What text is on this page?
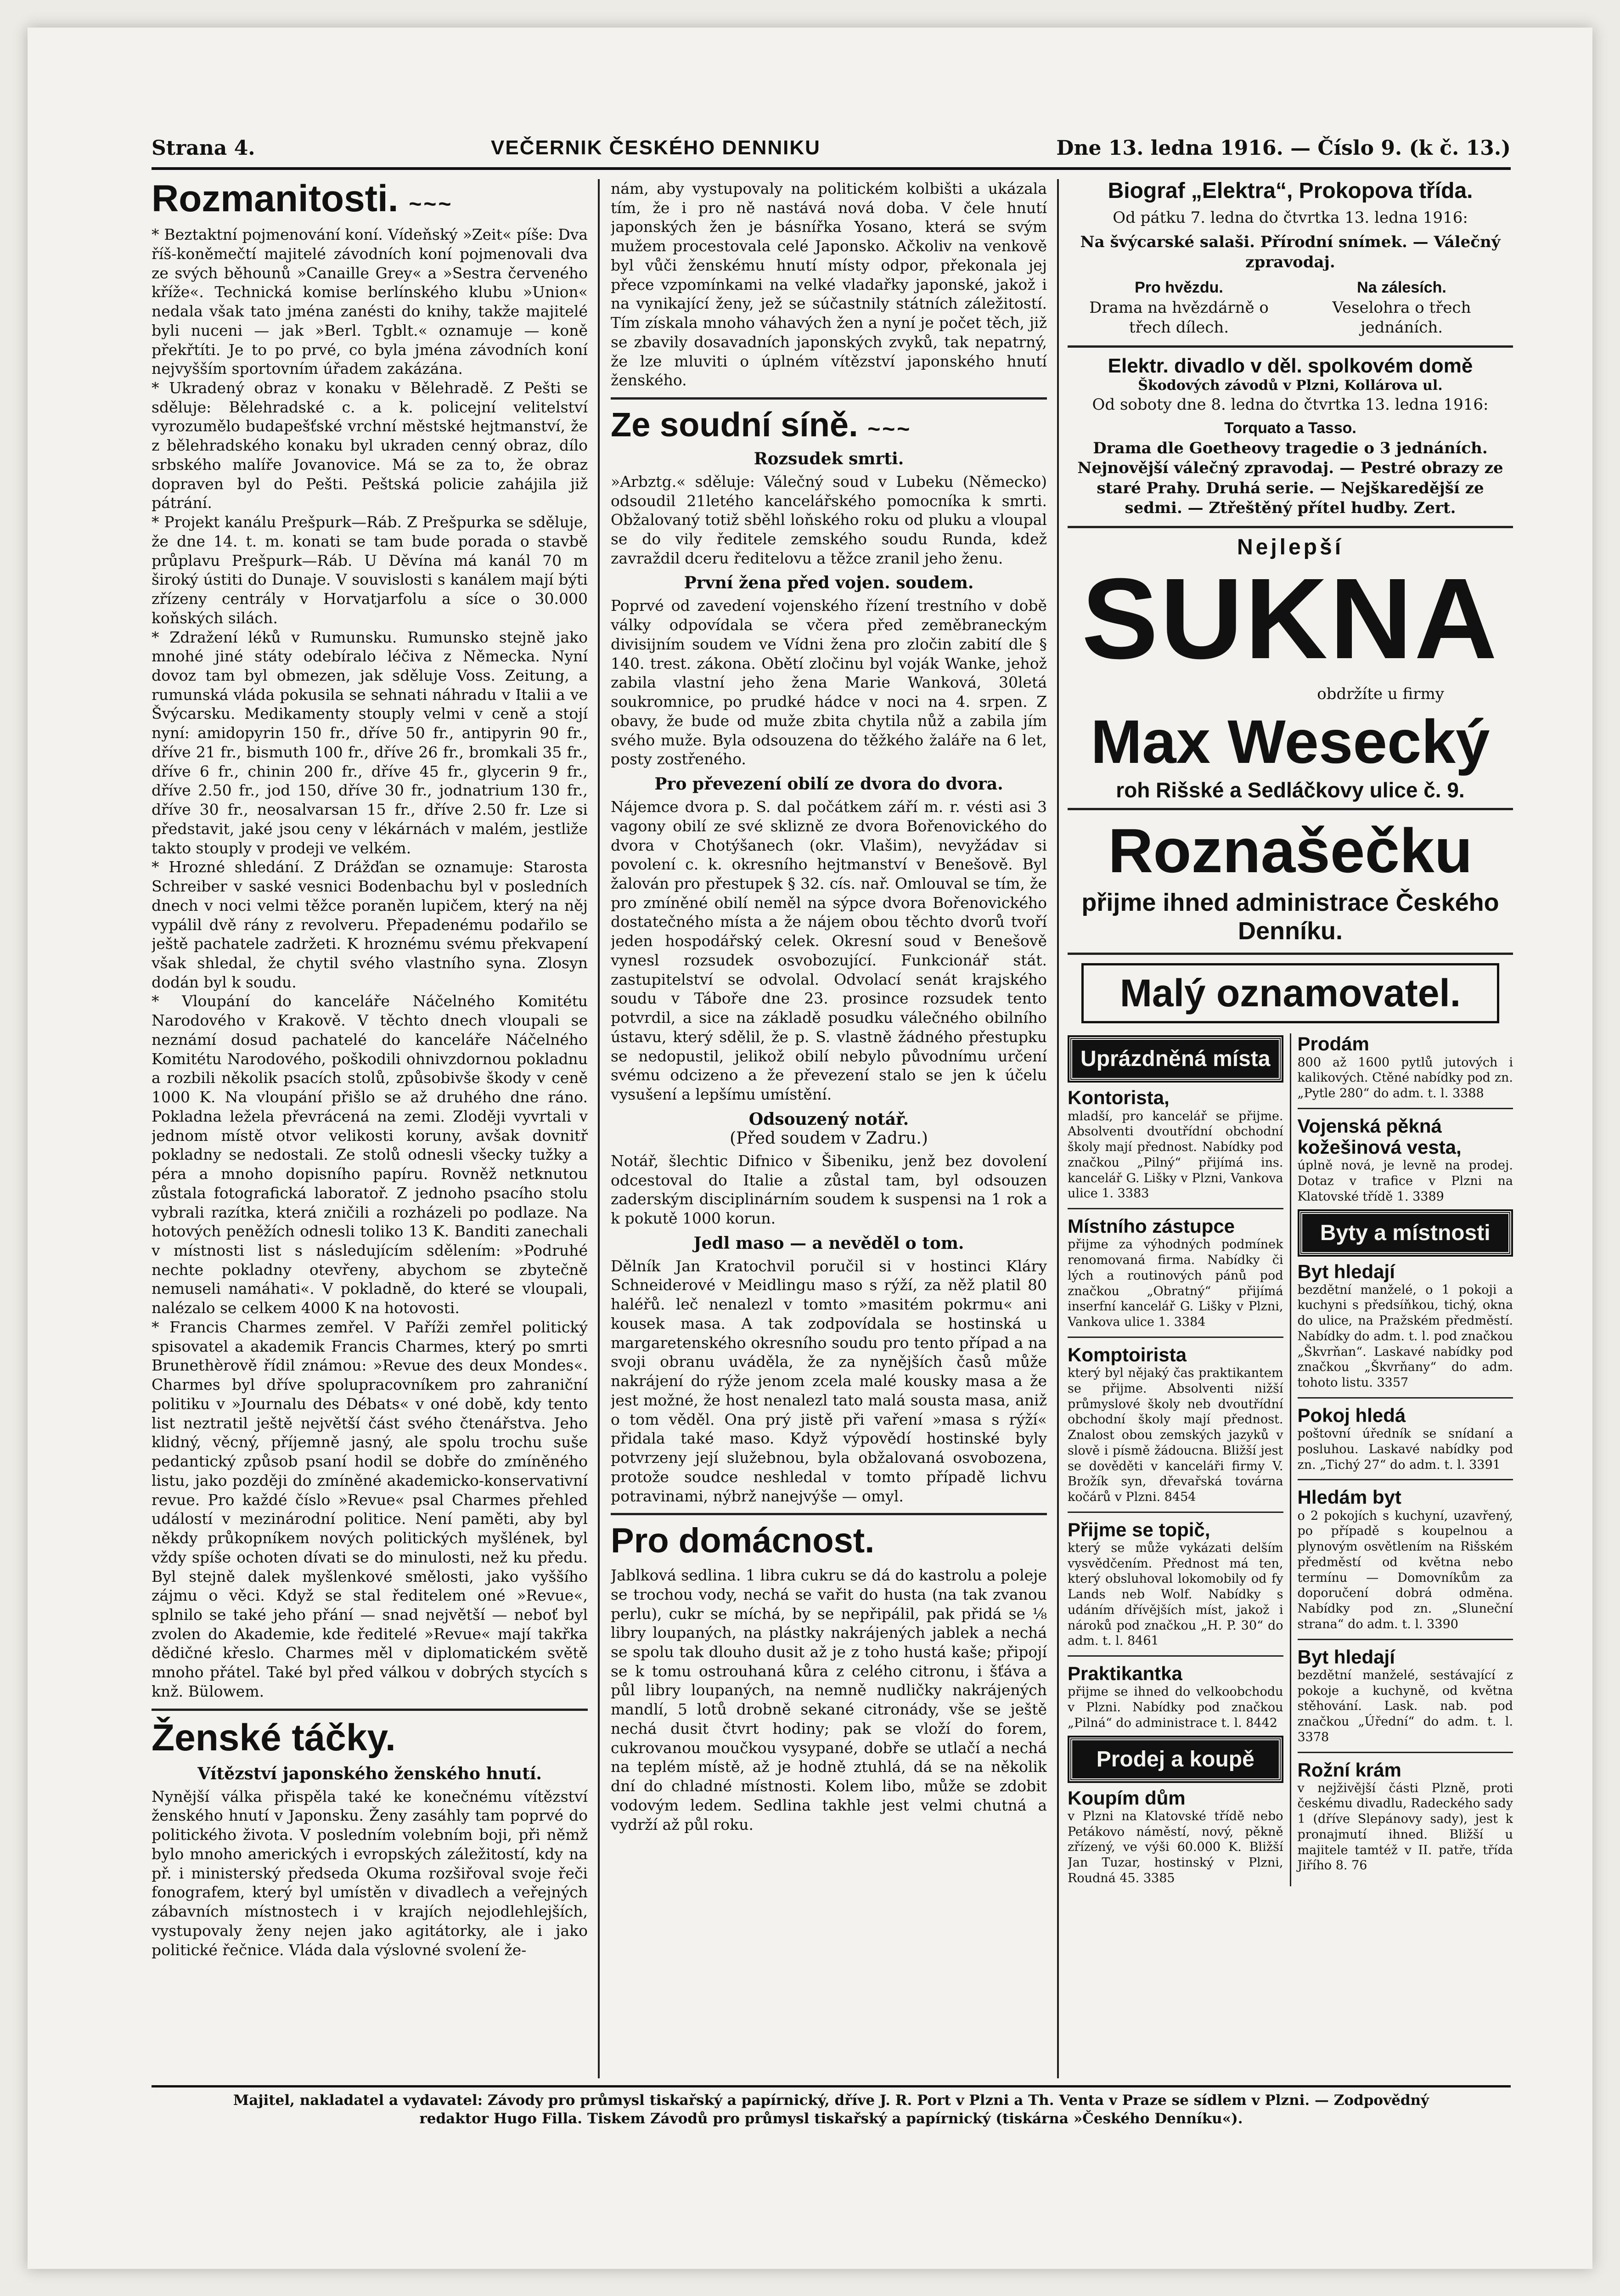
Strana 4.	VEČERNIK ČESKÉHO DENNIKU	Dne 13. ledna 1916. — Číslo 9. (k č. 13.)
Rozmanitosti. ~~~

* Beztaktní pojmenování koní. Vídeňský »Zeit« píše: Dva říš-koněmečtí majitelé závodních koní pojmenovali dva ze svých běhounů »Canaille Grey« a »Sestra červeného kříže«. Technická komise berlínského klubu »Union« nedala však tato jména zanésti do knihy, takže majitelé byli nuceni — jak »Berl. Tgblt.« oznamuje — koně překřtíti. Je to po prvé, co byla jména závodních koní nejvyšším sportovním úřadem zakázána.

* Ukradený obraz v konaku v Bělehradě. Z Pešti se sděluje: Bělehradské c. a k. policejní velitelství vyrozumělo budapešťské vrchní městské hejtmanství, že z bělehradského konaku byl ukraden cenný obraz, dílo srbského malíře Jovanovice. Má se za to, že obraz dopraven byl do Pešti. Peštská policie zahájila již pátrání.

* Projekt kanálu Prešpurk—Ráb. Z Prešpurka se sděluje, že dne 14. t. m. konati se tam bude porada o stavbě průplavu Prešpurk—Ráb. U Děvína má kanál 70 m široký ústiti do Dunaje. V souvislosti s kanálem mají býti zřízeny centrály v Horvatjarfolu a síce o 30.000 koňských silách.

* Zdražení léků v Rumunsku. Rumunsko stejně jako mnohé jiné státy odebíralo léčiva z Německa. Nyní dovoz tam byl obmezen, jak sděluje Voss. Zeitung, a rumunská vláda pokusila se sehnati náhradu v Italii a ve Švýcarsku. Medikamenty stouply velmi v ceně a stojí nyní: amidopyrin 150 fr., dříve 50 fr., antipyrin 90 fr., dříve 21 fr., bismuth 100 fr., dříve 26 fr., bromkali 35 fr., dříve 6 fr., chinin 200 fr., dříve 45 fr., glycerin 9 fr., dříve 2.50 fr., jod 150, dříve 30 fr., jodnatrium 130 fr., dříve 30 fr., neosalvarsan 15 fr., dříve 2.50 fr. Lze si představit, jaké jsou ceny v lékárnách v malém, jestliže takto stouply v prodeji ve velkém.

* Hrozné shledání. Z Drážďan se oznamuje: Starosta Schreiber v saské vesnici Bodenbachu byl v posledních dnech v noci velmi těžce poraněn lupičem, který na něj vypálil dvě rány z revolveru. Přepadenému podařilo se ještě pachatele zadržeti. K hroznému svému překvapení však shledal, že chytil svého vlastního syna. Zlosyn dodán byl k soudu.

* Vloupání do kanceláře Náčelného Komitétu Narodového v Krakově. V těchto dnech vloupali se neznámí dosud pachatelé do kanceláře Náčelného Komitétu Narodového, poškodili ohnivzdornou pokladnu a rozbili několik psacích stolů, způsobivše škody v ceně 1000 K. Na vloupání přišlo se až druhého dne ráno. Pokladna ležela převrácená na zemi. Zloději vyvrtali v jednom místě otvor velikosti koruny, avšak dovnitř pokladny se nedostali. Ze stolů odnesli všecky tužky a péra a mnoho dopisního papíru. Rovněž netknutou zůstala fotografická laboratoř. Z jednoho psacího stolu vybrali razítka, která zničili a rozházeli po podlaze. Na hotových peněžích odnesli toliko 13 K. Banditi zanechali v místnosti list s následujícím sdělením: »Podruhé nechte pokladny otevřeny, abychom se zbytečně nemuseli namáhati«. V pokladně, do které se vloupali, nalézalo se celkem 4000 K na hotovosti.

* Francis Charmes zemřel. V Paříži zemřel politický spisovatel a akademik Francis Charmes, který po smrti Brunethèrově řídil známou: »Revue des deux Mondes«. Charmes byl dříve spolupracovníkem pro zahraniční politiku v »Journalu des Débats« v oné době, kdy tento list neztratil ještě největší část svého čtenářstva. Jeho klidný, věcný, příjemně jasný, ale spolu trochu suše pedantický způsob psaní hodil se dobře do zmíněného listu, jako později do zmíněné akademicko-konservativní revue. Pro každé číslo »Revue« psal Charmes přehled událostí v mezinárodní politice. Není paměti, aby byl někdy průkopníkem nových politických myšlének, byl vždy spíše ochoten dívati se do minulosti, než ku předu. Byl stejně dalek myšlenkové smělosti, jako vyššího zájmu o věci. Když se stal ředitelem oné »Revue«, splnilo se také jeho přání — snad největší — neboť byl zvolen do Akademie, kde ředitelé »Revue« mají takřka dědičné křeslo. Charmes měl v diplomatickém světě mnoho přátel. Také byl před válkou v dobrých stycích s knž. Bülowem.

Ženské táčky.
Vítězství japonského ženského hnutí.

Nynější válka přispěla také ke konečnému vítězství ženského hnutí v Japonsku. Ženy zasáhly tam poprvé do politického života. V posledním volebním boji, při němž bylo mnoho amerických i evropských záležitostí, kdy na př. i ministerský předseda Okuma rozšiřoval svoje řeči fonografem, který byl umístěn v divadlech a veřejných zábavních místnostech i v krajích nejodlehlejších, vystupovaly ženy nejen jako agitátorky, ale i jako politické řečnice. Vláda dala výslovné svolení že-

nám, aby vystupovaly na politickém kolbišti a ukázala tím, že i pro ně nastává nová doba. V čele hnutí japonských žen je básnířka Yosano, která se svým mužem procestovala celé Japonsko. Ačkoliv na venkově byl vůči ženskému hnutí místy odpor, překonala jej přece vzpomínkami na velké vladařky japonské, jakož i na vynikající ženy, jež se súčastnily státních záležitostí. Tím získala mnoho váhavých žen a nyní je počet těch, již se zbavily dosavadních japonských zvyků, tak nepatrný, že lze mluviti o úplném vítězství japonského hnutí ženského.

Ze soudní síně. ~~~
Rozsudek smrti.

»Arbztg.« sděluje: Válečný soud v Lubeku (Německo) odsoudil 21letého kancelářského pomocníka k smrti. Obžalovaný totiž sběhl loňského roku od pluku a vloupal se do vily ředitele zemského soudu Runda, kdež zavraždil dceru ředitelovu a těžce zranil jeho ženu.

První žena před vojen. soudem.

Poprvé od zavedení vojenského řízení trestního v době války odpovídala se včera před zeměbraneckým divisijním soudem ve Vídni žena pro zločin zabití dle § 140. trest. zákona. Obětí zločinu byl voják Wanke, jehož zabila vlastní jeho žena Marie Wanková, 30letá soukromnice, po prudké hádce v noci na 4. srpen. Z obavy, že bude od muže zbita chytila nůž a zabila jím svého muže. Byla odsouzena do těžkého žaláře na 6 let, posty zostřeného.

Pro převezení obilí ze dvora do dvora.

Nájemce dvora p. S. dal počátkem září m. r. vésti asi 3 vagony obilí ze své sklizně ze dvora Bořenovického do dvora v Chotýšanech (okr. Vlašim), nevyžádav si povolení c. k. okresního hejtmanství v Benešově. Byl žalován pro přestupek § 32. cís. nař. Omlouval se tím, že pro zmíněné obilí neměl na sýpce dvora Bořenovického dostatečného místa a že nájem obou těchto dvorů tvoří jeden hospodářský celek. Okresní soud v Benešově vynesl rozsudek osvobozující. Funkcionář stát. zastupitelství se odvolal. Odvolací senát krajského soudu v Táboře dne 23. prosince rozsudek tento potvrdil, a sice na základě posudku válečného obilního ústavu, který sdělil, že p. S. vlastně žádného přestupku se nedopustil, jelikož obilí nebylo původnímu určení svému odcizeno a že převezení stalo se jen k účelu vysušení a lepšímu umístění.

Odsouzený notář.
(Před soudem v Zadru.)

Notář, šlechtic Difnico v Šibeniku, jenž bez dovolení odcestoval do Italie a zůstal tam, byl odsouzen zaderským disciplinárním soudem k suspensi na 1 rok a k pokutě 1000 korun.

Jedl maso — a nevěděl o tom.

Dělník Jan Kratochvil poručil si v hostinci Kláry Schneiderové v Meidlingu maso s rýží, za něž platil 80 haléřů. leč nenalezl v tomto »masitém pokrmu« ani kousek masa. A tak zodpovídala se hostinská u margaretenského okresního soudu pro tento případ a na svoji obranu uváděla, že za nynějších časů může nakrájení do rýže jenom zcela malé kousky masa a že jest možné, že host nenalezl tato malá sousta masa, aniž o tom věděl. Ona prý jistě při vaření »masa s rýží« přidala také maso. Když výpovědí hostinské byly potvrzeny její služebnou, byla obžalovaná osvobozena, protože soudce neshledal v tomto případě lichvu potravinami, nýbrž nanejvýše — omyl.

Pro domácnost.

Jablková sedlina. 1 libra cukru se dá do kastrolu a poleje se trochou vody, nechá se vařit do husta (na tak zvanou perlu), cukr se míchá, by se nepřipálil, pak přidá se ⅛ libry loupaných, na plástky nakrájených jablek a nechá se spolu tak dlouho dusit až je z toho hustá kaše; připojí se k tomu ostrouhaná kůra z celého citronu, i šťáva a půl libry loupaných, na nemně nudličky nakrájených mandlí, 5 lotů drobně sekané citronády, vše se ještě nechá dusit čtvrt hodiny; pak se vloží do forem, cukrovanou moučkou vysypané, dobře se utlačí a nechá na teplém místě, až je hodně ztuhlá, dá se na několik dní do chladné místnosti. Kolem libo, může se zdobit vodovým ledem. Sedlina takhle jest velmi chutná a vydrží až půl roku.

Biograf „Elektra“, Prokopova třída.
Od pátku 7. ledna do čtvrtka 13. ledna 1916:
Na švýcarské salaši. Přírodní snímek. — Válečný zpravodaj.
Pro hvězdu.
Drama na hvězdárně o třech dílech.
Na zálesích.
Veselohra o třech jednáních.
Elektr. divadlo v děl. spolkovém domě
Škodových závodů v Plzni, Kollárova ul.
Od soboty dne 8. ledna do čtvrtka 13. ledna 1916:
Torquato a Tasso.
Drama dle Goetheovy tragedie o 3 jednáních. Nejnovější válečný zpravodaj. — Pestré obrazy ze staré Prahy. Druhá serie. — Nejškaredější ze sedmi. — Ztřeštěný přítel hudby. Zert.
Nejlepší
SUKNA
obdržíte u firmy
Max Wesecký
roh Rišské a Sedláčkovy ulice č. 9.
Roznašečku
přijme ihned administrace Českého Denníku.
Malý oznamovatel.
Uprázdněná místa
Kontorista,
mladší, pro kancelář se přijme. Absolventi dvoutřídní obchodní školy mají přednost. Nabídky pod značkou „Pilný“ přijímá ins. kancelář G. Lišky v Plzni, Vankova ulice 1. 3383
Místního zástupce
přijme za výhodných podmínek renomovaná firma. Nabídky či lých a routinových pánů pod značkou „Obratný“ přijímá inserfní kancelář G. Lišky v Plzni, Vankova ulice 1. 3384
Komptoirista
který byl nějaký čas praktikantem se přijme. Absolventi nižší průmyslové školy neb dvoutřídní obchodní školy mají přednost. Znalost obou zemských jazyků v slově i písmě žádoucna. Bližší jest se dověděti v kanceláři firmy V. Brožík syn, dřevařská továrna kočárů v Plzni. 8454
Přijme se topič,
který se může vykázati delším vysvědčením. Přednost má ten, který obsluhoval lokomobily od fy Lands neb Wolf. Nabídky s udáním dřívějších míst, jakož i nároků pod značkou „H. P. 30“ do adm. t. l. 8461
Praktikantka
přijme se ihned do velkoobchodu v Plzni. Nabídky pod značkou „Pilná“ do administrace t. l. 8442
Prodej a koupě
Koupím dům
v Plzni na Klatovské třídě nebo Petákovo náměstí, nový, pěkně zřízený, ve výši 60.000 K. Bližší Jan Tuzar, hostinský v Plzni, Roudná 45. 3385
Prodám
800 až 1600 pytlů jutových i kalikových. Ctěné nabídky pod zn. „Pytle 280“ do adm. t. l. 3388
Vojenská pěkná kožešinová vesta,
úplně nová, je levně na prodej. Dotaz v trafice v Plzni na Klatovské třídě 1. 3389
Byty a místnosti
Byt hledají
bezdětní manželé, o 1 pokoji a kuchyni s předsíňkou, tichý, okna do ulice, na Pražském předměstí. Nabídky do adm. t. l. pod značkou „Škvrňan“. Laskavé nabídky pod značkou „Škvrňany“ do adm. tohoto listu. 3357
Pokoj hledá
poštovní úředník se snídaní a posluhou. Laskavé nabídky pod zn. „Tichý 27“ do adm. t. l. 3391
Hledám byt
o 2 pokojích s kuchyní, uzavřený, po případě s koupelnou a plynovým osvětlením na Rišském předměstí od května nebo termínu — Domovníkům za doporučení dobrá odměna. Nabídky pod zn. „Sluneční strana“ do adm. t. l. 3390
Byt hledají
bezdětní manželé, sestávající z pokoje a kuchyně, od května stěhování. Lask. nab. pod značkou „Úřední“ do adm. t. l. 3378
Rožní krám
v nejživější části Plzně, proti českému divadlu, Radeckého sady 1 (dříve Slepánovy sady), jest k pronajmutí ihned. Bližší u majitele tamtéž v II. patře, třída Jiřího 8. 76
Majitel, nakladatel a vydavatel: Závody pro průmysl tiskařský a papírnický, dříve J. R. Port v Plzni a Th. Venta v Praze se sídlem v Plzni. — Zodpovědný
redaktor Hugo Filla. Tiskem Závodů pro průmysl tiskařský a papírnický (tiskárna »Českého Denníku«).
